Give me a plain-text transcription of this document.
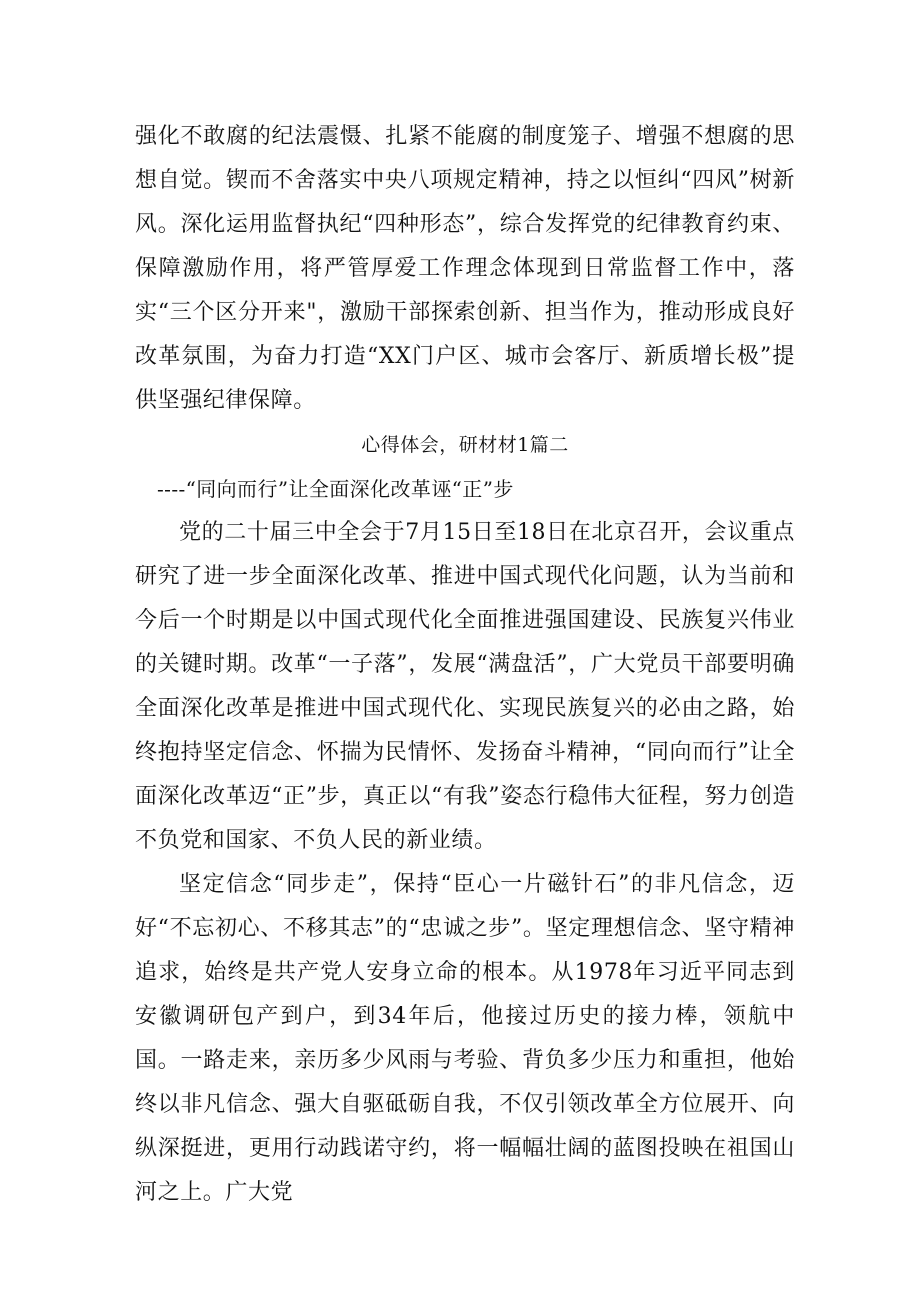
强化不敢腐的纪法震慑、扎紧不能腐的制度笼子、增强不想腐的思想自觉。锲而不舍落实中央八项规定精神，持之以恒纠“四风”树新风。深化运用监督执纪“四种形态”，综合发挥党的纪律教育约束、保障激励作用，将严管厚爱工作理念体现到日常监督工作中，落实“三个区分开来"，激励干部探索创新、担当作为，推动形成良好改革氛围，为奋力打造“XX门户区、城市会客厅、新质增长极”提供坚强纪律保障。

心得体会，研材材1篇二

----“同向而行”让全面深化改革诬“正”步

党的二十届三中全会于7月15日至18日在北京召开，会议重点研究了进一步全面深化改革、推进中国式现代化问题，认为当前和今后一个时期是以中国式现代化全面推进强国建设、民族复兴伟业的关键时期。改革“一子落”，发展“满盘活”，广大党员干部要明确全面深化改革是推进中国式现代化、实现民族复兴的必由之路，始终抱持坚定信念、怀揣为民情怀、发扬奋斗精神，“同向而行”让全面深化改革迈“正”步，真正以“有我”姿态行稳伟大征程，努力创造不负党和国家、不负人民的新业绩。

坚定信念“同步走”，保持“臣心一片磁针石”的非凡信念，迈好“不忘初心、不移其志”的“忠诚之步”。坚定理想信念、坚守精神追求，始终是共产党人安身立命的根本。从1978年习近平同志到安徽调研包产到户，到34年后，他接过历史的接力棒，领航中国。一路走来，亲历多少风雨与考验、背负多少压力和重担，他始终以非凡信念、强大自驱砥砺自我，不仅引领改革全方位展开、向纵深挺进，更用行动践诺守约，将一幅幅壮阔的蓝图投映在祖国山河之上。广大党
